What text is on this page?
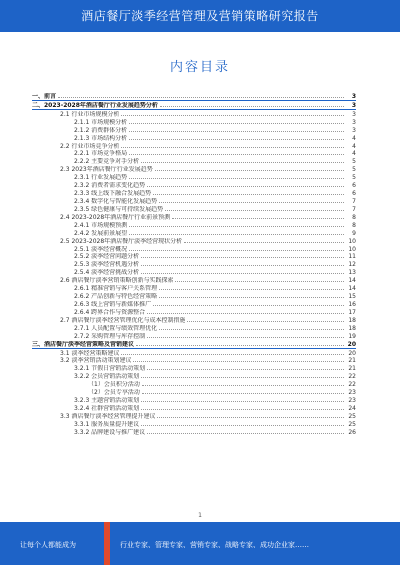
酒店餐厅淡季经营管理及营销策略研究报告
内容目录
一、前言	3
二、2023-2028年酒店餐厅行业发展趋势分析	3
2.1 行业市场规模分析	3
2.1.1 市场规模分析	3
2.1.2 消费群体分析	3
2.1.3 市场结构分析	4
2.2 行业市场竞争分析	4
2.2.1 市场竞争格局	4
2.2.2 主要竞争对手分析	5
2.3 2023年酒店餐厅行业发展趋势	5
2.3.1 行业发展趋势	5
2.3.2 消费者需求变化趋势	6
2.3.3 线上线下融合发展趋势	6
2.3.4 数字化与智能化发展趋势	7
2.3.5 绿色健康与可持续发展趋势	7
2.4 2023-2028年酒店餐厅行业前景预测	8
2.4.1 市场规模预测	8
2.4.2 发展前景展望	9
2.5 2023-2028年酒店餐厅淡季经营现状分析	10
2.5.1 淡季经营概况	10
2.5.2 淡季经营问题分析	11
2.5.3 淡季经营机遇分析	12
2.5.4 淡季经营挑战分析	13
2.6 酒店餐厅淡季营销策略创新与实践探索	14
2.6.1 精准营销与客户关系管理	14
2.6.2 产品创新与特色经营策略	15
2.6.3 线上营销与新媒体推广	16
2.6.4 跨界合作与资源整合	17
2.7 酒店餐厅淡季经营管理优化与成本控制措施	18
2.7.1 人员配置与绩效管理优化	18
2.7.2 采购管理与库存控制	19
三、酒店餐厅淡季经营策略及营销建议	20
3.1 淡季经营策略建议	20
3.2 淡季营销活动策划建议	21
3.2.1 节假日营销活动策划	21
3.2.2 会员营销活动策划	22
（1）会员积分活动	22
（2）会员专享活动	23
3.2.3 主题营销活动策划	23
3.2.4 社群营销活动策划	24
3.3 酒店餐厅淡季经营管理提升建议	25
3.3.1 服务质量提升建议	25
3.3.2 品牌建设与推广建议	26
1
让每个人都能成为	行业专家、管理专家、营销专家、战略专家、成功企业家……
